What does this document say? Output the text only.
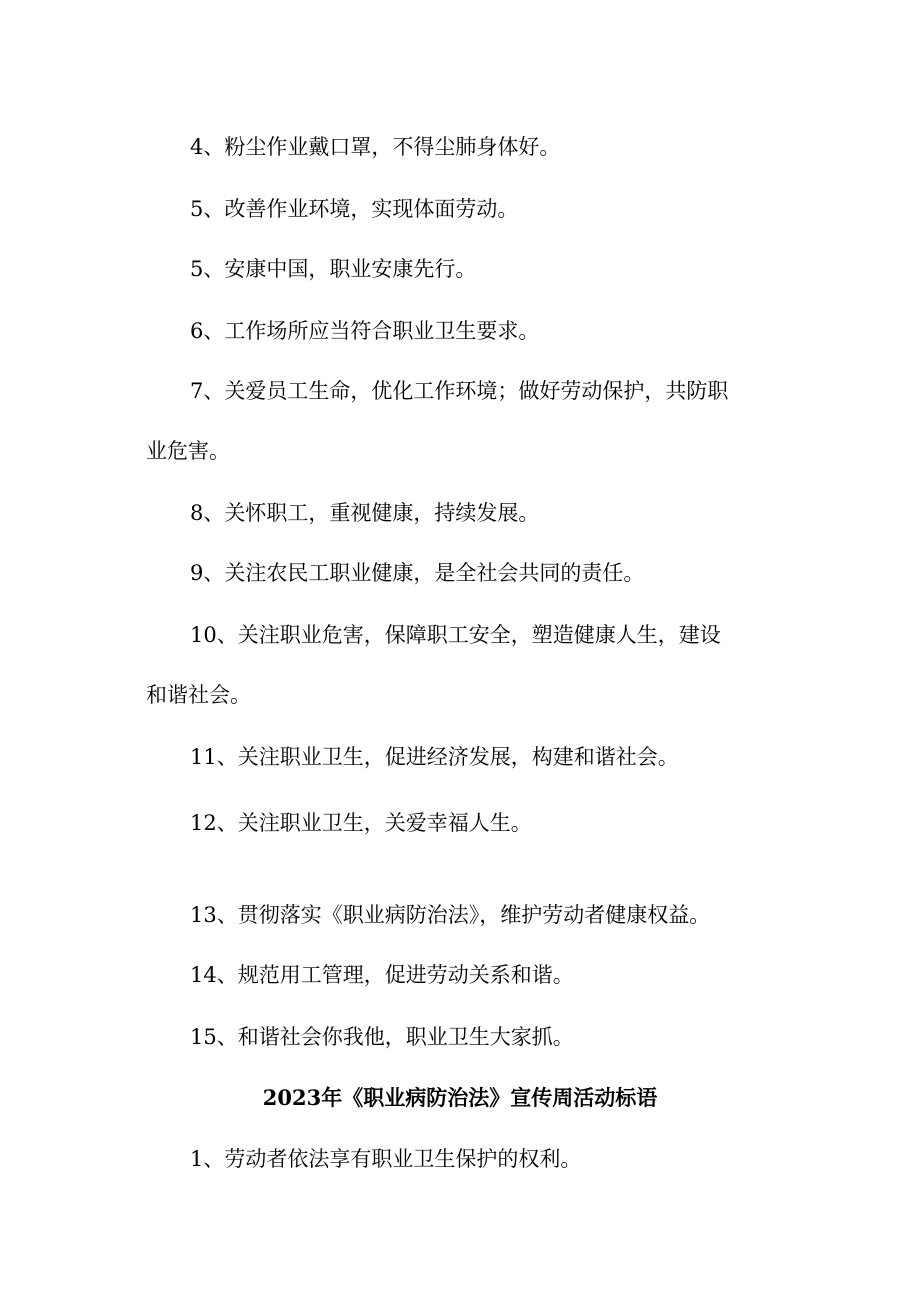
4、粉尘作业戴口罩，不得尘肺身体好。

5、改善作业环境，实现体面劳动。

5、安康中国，职业安康先行。

6、工作场所应当符合职业卫生要求。

7、关爱员工生命，优化工作环境；做好劳动保护，共防职

业危害。

8、关怀职工，重视健康，持续发展。

9、关注农民工职业健康，是全社会共同的责任。

10、关注职业危害，保障职工安全，塑造健康人生，建设

和谐社会。

11、关注职业卫生，促进经济发展，构建和谐社会。

12、关注职业卫生，关爱幸福人生。

13、贯彻落实《职业病防治法》，维护劳动者健康权益。

14、规范用工管理，促进劳动关系和谐。

15、和谐社会你我他，职业卫生大家抓。

2023年《职业病防治法》宣传周活动标语

1、劳动者依法享有职业卫生保护的权利。
